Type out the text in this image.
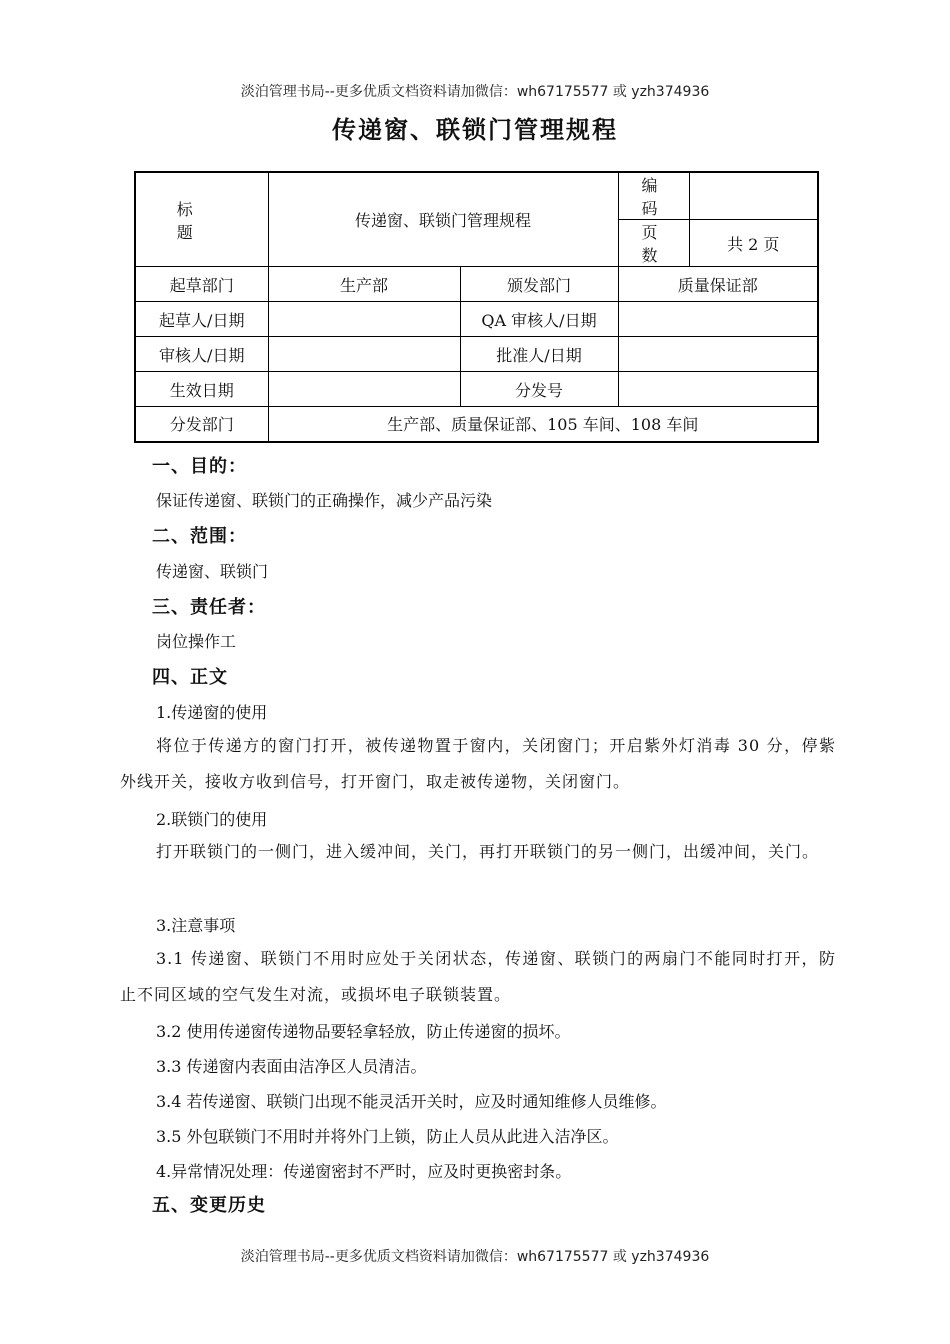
淡泊管理书局--更多优质文档资料请加微信：wh67175577 或 yzh374936
传递窗、联锁门管理规程
标　题	传递窗、联锁门管理规程		编　码	
			页　数	共 2 页
起草部门	生产部	颁发部门	质量保证部	
起草人/日期		QA 审核人/日期		
审核人/日期		批准人/日期		
生效日期		分发号		
分发部门	生产部、质量保证部、105 车间、108 车间			
一、目的：
保证传递窗、联锁门的正确操作，减少产品污染
二、范围：
传递窗、联锁门
三、责任者：
岗位操作工
四、正文
1.传递窗的使用
将位于传递方的窗门打开，被传递物置于窗内，关闭窗门；开启紫外灯消毒 30 分，停紫外线开关，接收方收到信号，打开窗门，取走被传递物，关闭窗门。
2.联锁门的使用
打开联锁门的一侧门，进入缓冲间，关门，再打开联锁门的另一侧门，出缓冲间，关门。
3.注意事项
3.1 传递窗、联锁门不用时应处于关闭状态，传递窗、联锁门的两扇门不能同时打开，防止不同区域的空气发生对流，或损坏电子联锁装置。
3.2 使用传递窗传递物品要轻拿轻放，防止传递窗的损坏。
3.3 传递窗内表面由洁净区人员清洁。
3.4 若传递窗、联锁门出现不能灵活开关时，应及时通知维修人员维修。
3.5 外包联锁门不用时并将外门上锁，防止人员从此进入洁净区。
4.异常情况处理：传递窗密封不严时，应及时更换密封条。
五、变更历史
淡泊管理书局--更多优质文档资料请加微信：wh67175577 或 yzh374936
